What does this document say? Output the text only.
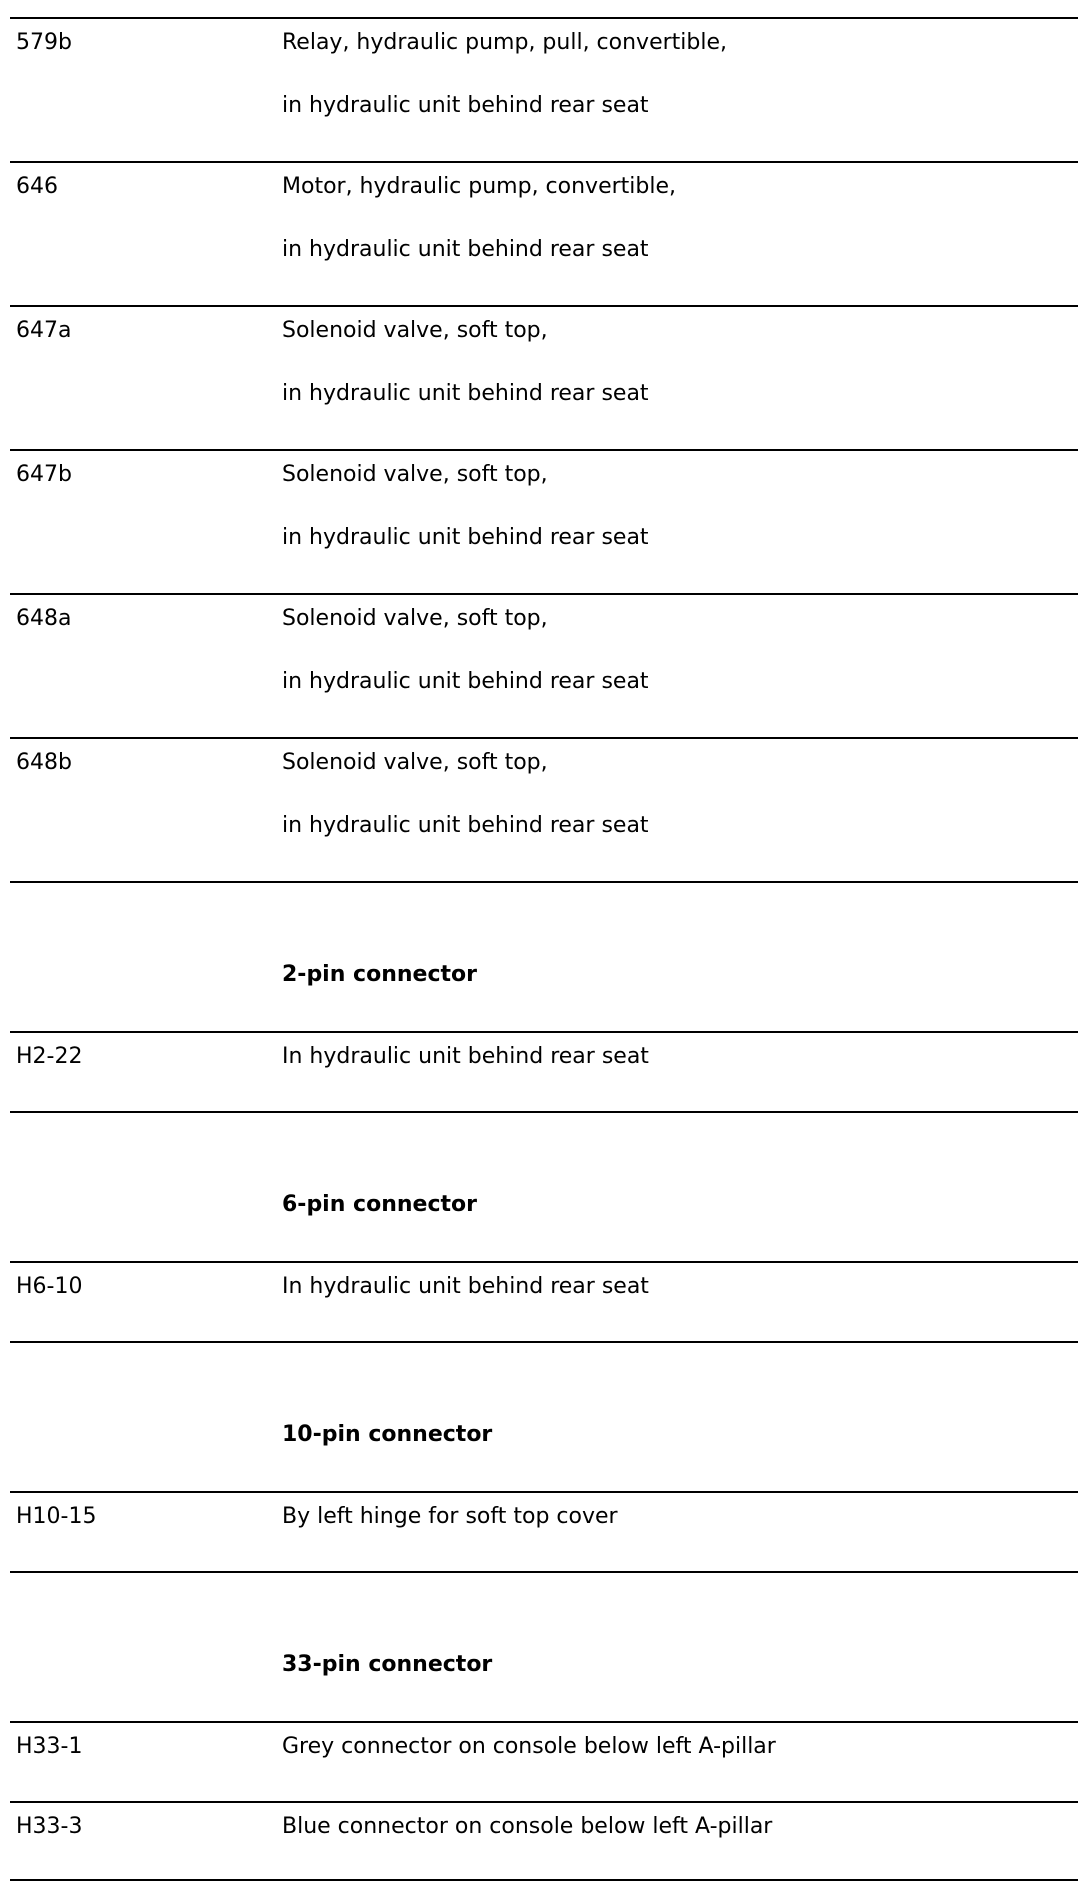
579b	Relay, hydraulic pump, pull, convertible,
in hydraulic unit behind rear seat
646	Motor, hydraulic pump, convertible,
in hydraulic unit behind rear seat
647a	Solenoid valve, soft top,
in hydraulic unit behind rear seat
647b	Solenoid valve, soft top,
in hydraulic unit behind rear seat
648a	Solenoid valve, soft top,
in hydraulic unit behind rear seat
648b	Solenoid valve, soft top,
in hydraulic unit behind rear seat
2-pin connector
H2-22	In hydraulic unit behind rear seat
6-pin connector
H6-10	In hydraulic unit behind rear seat
10-pin connector
H10-15	By left hinge for soft top cover
33-pin connector
H33-1	Grey connector on console below left A-pillar
H33-3	Blue connector on console below left A-pillar
